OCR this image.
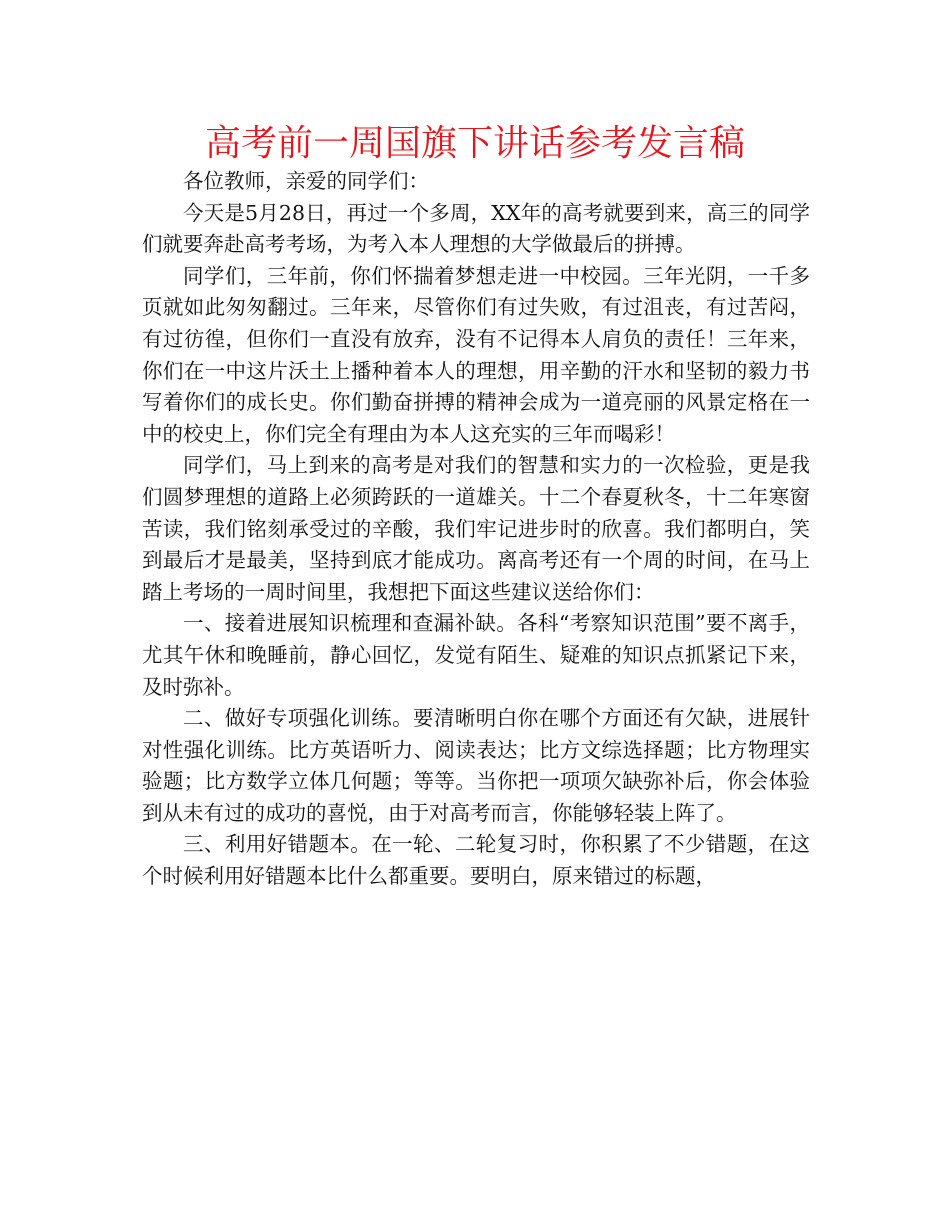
高考前一周国旗下讲话参考发言稿

各位教师，亲爱的同学们：

今天是5月28日，再过一个多周，XX年的高考就要到来，高三的同学们就要奔赴高考考场，为考入本人理想的大学做最后的拼搏。

同学们，三年前，你们怀揣着梦想走进一中校园。三年光阴，一千多页就如此匆匆翻过。三年来，尽管你们有过失败，有过沮丧，有过苦闷，有过彷徨，但你们一直没有放弃，没有不记得本人肩负的责任！三年来，你们在一中这片沃土上播种着本人的理想，用辛勤的汗水和坚韧的毅力书写着你们的成长史。你们勤奋拼搏的精神会成为一道亮丽的风景定格在一中的校史上，你们完全有理由为本人这充实的三年而喝彩！

同学们，马上到来的高考是对我们的智慧和实力的一次检验，更是我们圆梦理想的道路上必须跨跃的一道雄关。十二个春夏秋冬，十二年寒窗苦读，我们铭刻承受过的辛酸，我们牢记进步时的欣喜。我们都明白，笑到最后才是最美，坚持到底才能成功。离高考还有一个周的时间，在马上踏上考场的一周时间里，我想把下面这些建议送给你们：

一、接着进展知识梳理和查漏补缺。各科“考察知识范围”要不离手，尤其午休和晚睡前，静心回忆，发觉有陌生、疑难的知识点抓紧记下来，及时弥补。

二、做好专项强化训练。要清晰明白你在哪个方面还有欠缺，进展针对性强化训练。比方英语听力、阅读表达；比方文综选择题；比方物理实验题；比方数学立体几何题；等等。当你把一项项欠缺弥补后，你会体验到从未有过的成功的喜悦，由于对高考而言，你能够轻装上阵了。

三、利用好错题本。在一轮、二轮复习时，你积累了不少错题，在这个时候利用好错题本比什么都重要。要明白，原来错过的标题，
